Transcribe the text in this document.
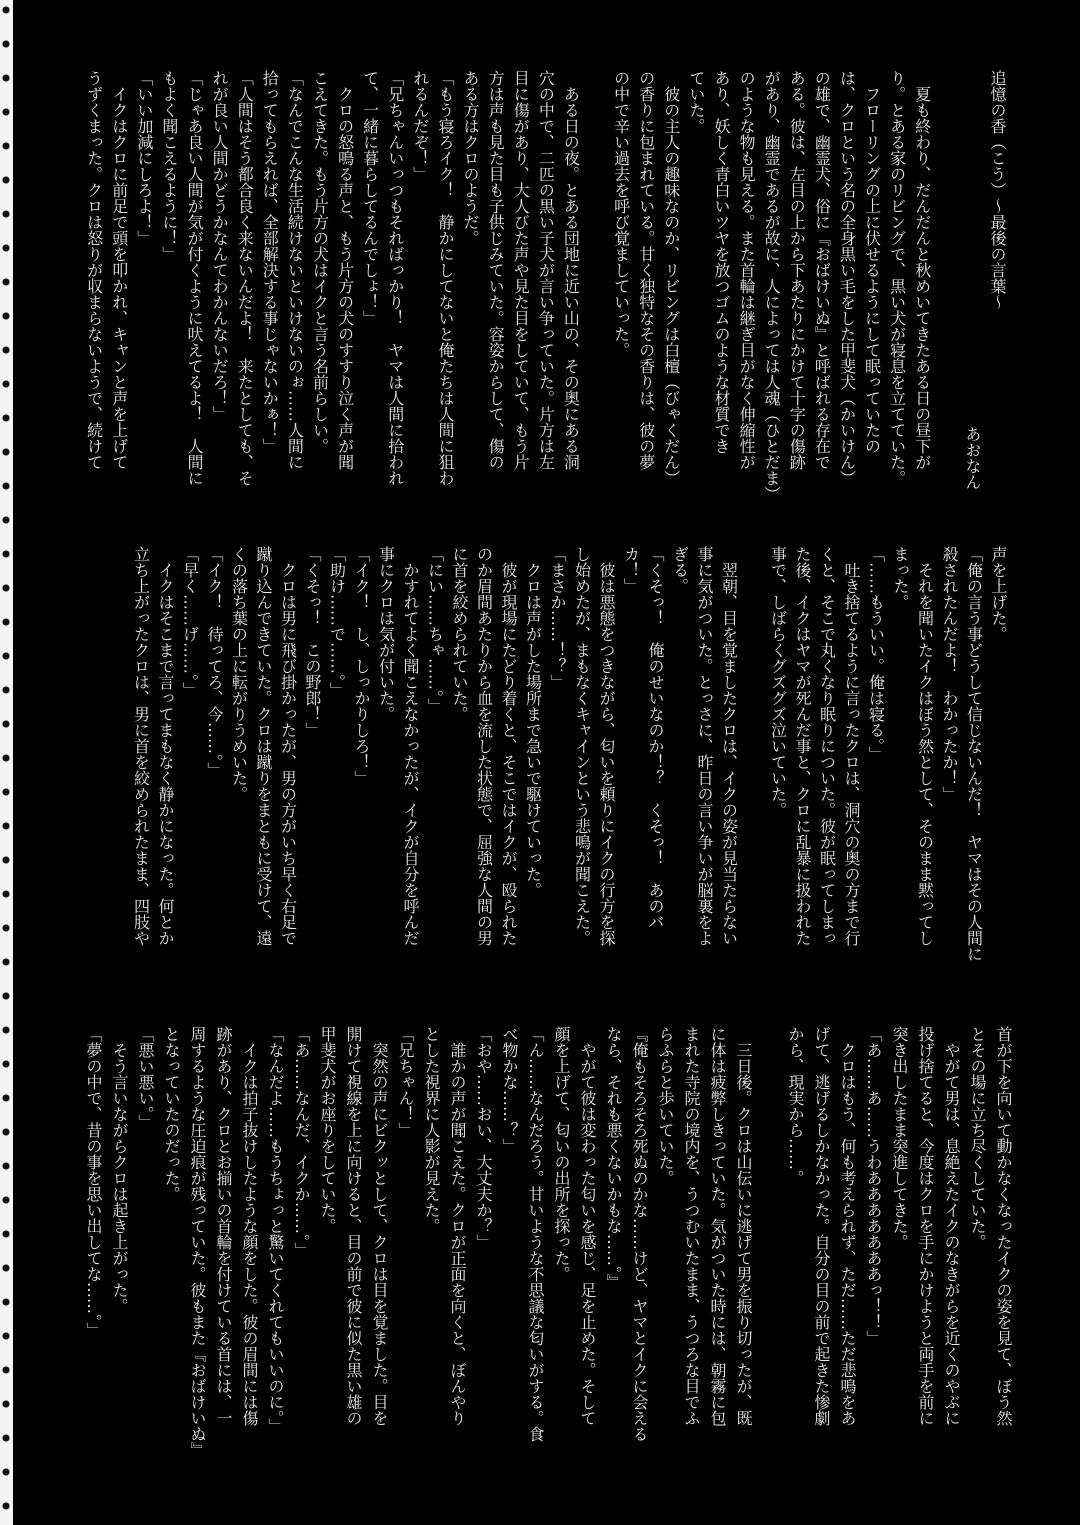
追憶の香（こう）～最後の言葉～
あおなん

　夏も終わり、だんだんと秋めいてきたある日の昼下が
り。とある家のリビングで、黒い犬が寝息を立てていた。
　フローリングの上に伏せるようにして眠っていたの
は、クロという名の全身黒い毛をした甲斐犬（かいけん）
の雄で、幽霊犬、俗に『おばけいぬ』と呼ばれる存在で
ある。彼は、左目の上から下あたりにかけて十字の傷跡
があり、幽霊であるが故に、人によっては人魂（ひとだま）
のような物も見える。また首輪は継ぎ目がなく伸縮性が
あり、妖しく青白いツヤを放つゴムのような材質でき
ていた。
　彼の主人の趣味なのか、リビングは白檀（びゃくだん）
の香りに包まれている。甘く独特なその香りは、彼の夢
の中で辛い過去を呼び覚ましていった。

　ある日の夜。とある団地に近い山の、その奥にある洞
穴の中で、二匹の黒い子犬が言い争っていた。片方は左
目に傷があり、大人びた声や見た目をしていて、もう片
方は声も見た目も子供じみていた。容姿からして、傷の
ある方はクロのようだ。
「もう寝ろイク！　静かにしてないと俺たちは人間に狙わ
れるんだぞ！」
「兄ちゃんいっつもそればっかり！　ヤマは人間に拾われ
て、一緒に暮らしてるんでしょ！」
　クロの怒鳴る声と、もう片方の犬のすすり泣く声が聞
こえてきた。もう片方の犬はイクと言う名前らしい。
「なんでこんな生活続けないといけないのぉ……人間に
拾ってもらえれば、全部解決する事じゃないかぁ！」
「人間はそう都合良く来ないんだよ！　来たとしても、そ
れが良い人間かどうかなんてわかんないだろ！」
「じゃあ良い人間が気が付くように吠えてるよ！　人間に
もよく聞こえるように！」
「いい加減にしろよ！」
　イクはクロに前足で頭を叩かれ、キャンと声を上げて
うずくまった。クロは怒りが収まらないようで、続けて
声を上げた。
「俺の言う事どうして信じないんだ！　ヤマはその人間に
殺されたんだよ！　わかったか！」
　それを聞いたイクはぼう然として、そのまま黙ってし
まった。
「……もういい。俺は寝る。」
　吐き捨てるように言ったクロは、洞穴の奥の方まで行
くと、そこで丸くなり眠りについた。彼が眠ってしまっ
た後、イクはヤマが死んだ事と、クロに乱暴に扱われた
事で、しばらくグズグズ泣いていた。

　翌朝、目を覚ましたクロは、イクの姿が見当たらない
事に気がついた。とっさに、昨日の言い争いが脳裏をよ
ぎる。
「くそっ！　俺のせいなのか！？　くそっ！　あのバ
カ！」
　彼は悪態をつきながら、匂いを頼りにイクの行方を探
し始めたが、まもなくキャインという悲鳴が聞こえた。
「まさか……！？」
　クロは声がした場所まで急いで駆けていった。
　彼が現場にたどり着くと、そこではイクが、殴られた
のか眉間あたりから血を流した状態で、屈強な人間の男
に首を絞められていた。
「にい……ちゃ……。」
　かすれてよく聞こえなかったが、イクが自分を呼んだ
事にクロは気が付いた。
「イク！　し、しっかりしろ！」
「助け……で……。」
「くそっ！　この野郎！」
　クロは男に飛び掛かったが、男の方がいち早く右足で
蹴り込んできていた。クロは蹴りをまともに受けて、遠
くの落ち葉の上に転がりうめいた。
「イク！　待ってろ、今……。」
「早く……げ……。」
　イクはそこまで言ってまもなく静かになった。何とか
立ち上がったクロは、男に首を絞められたまま、四肢や
首が下を向いて動かなくなったイクの姿を見て、ぼう然
とその場に立ち尽くしていた。
　やがて男は、息絶えたイクのなきがらを近くのやぶに
投げ捨てると、今度はクロを手にかけようと両手を前に
突き出したまま突進してきた。
「あ……あ……うわあああああああっ！！」
　クロはもう、何も考えられず、ただ……ただ悲鳴をあ
げて、逃げるしかなかった。自分の目の前で起きた惨劇
から、現実から……。

　三日後。クロは山伝いに逃げて男を振り切ったが、既
に体は疲弊しきっていた。気がついた時には、朝霧に包
まれた寺院の境内を、うつむいたまま、うつろな目でふ
らふらと歩いていた。
『俺もそろそろ死ぬのかな……けど、ヤマとイクに会える
なら、それも悪くないかもな……。』
　やがて彼は変わった匂いを感じ、足を止めた。そして
顔を上げて、匂いの出所を探った。
「ん……なんだろう。甘いような不思議な匂いがする。食
べ物かな……？」
「おや……おい、大丈夫か？」
　誰かの声が聞こえた。クロが正面を向くと、ぼんやり
とした視界に人影が見えた。
「兄ちゃん！」
　突然の声にビクッとして、クロは目を覚ました。目を
開けて視線を上に向けると、目の前で彼に似た黒い雄の
甲斐犬がお座りをしていた。
「あ……なんだ、イクか……。」
「なんだよ……もうちょっと驚いてくれてもいいのに。」
　イクは拍子抜けしたような顔をした。彼の眉間には傷
跡があり、クロとお揃いの首輪を付けている首には、一
周するような圧迫痕が残っていた。彼もまた『おばけいぬ』
となっていたのだった。
「悪い悪い。」
　そう言いながらクロは起き上がった。
「夢の中で、昔の事を思い出してな……。」
